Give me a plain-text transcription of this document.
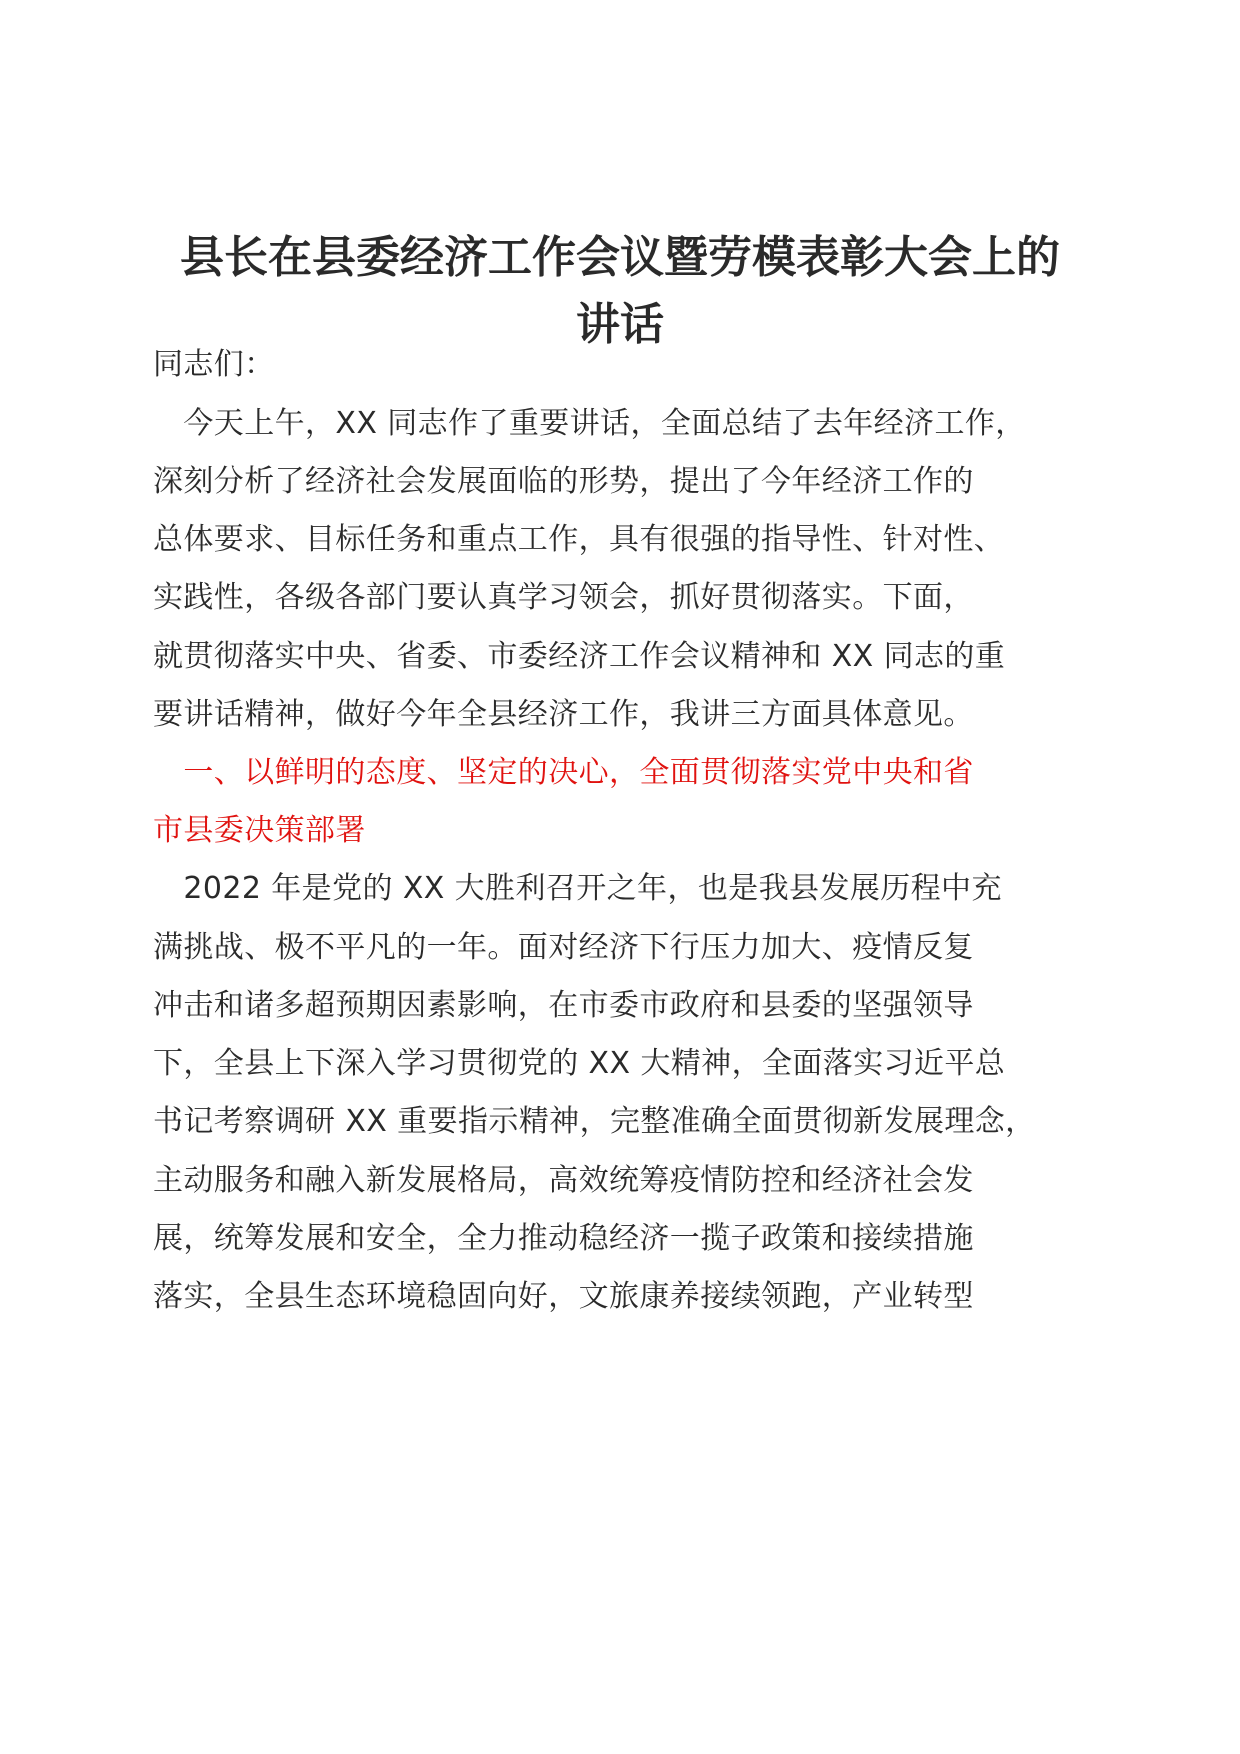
县长在县委经济工作会议暨劳模表彰大会上的
讲话
同志们：
　今天上午，XX 同志作了重要讲话，全面总结了去年经济工作，
深刻分析了经济社会发展面临的形势，提出了今年经济工作的
总体要求、目标任务和重点工作，具有很强的指导性、针对性、
实践性，各级各部门要认真学习领会，抓好贯彻落实。下面，
就贯彻落实中央、省委、市委经济工作会议精神和 XX 同志的重
要讲话精神，做好今年全县经济工作，我讲三方面具体意见。
　一、以鲜明的态度、坚定的决心，全面贯彻落实党中央和省
市县委决策部署
　2022 年是党的 XX 大胜利召开之年，也是我县发展历程中充
满挑战、极不平凡的一年。面对经济下行压力加大、疫情反复
冲击和诸多超预期因素影响，在市委市政府和县委的坚强领导
下，全县上下深入学习贯彻党的 XX 大精神，全面落实习近平总
书记考察调研 XX 重要指示精神，完整准确全面贯彻新发展理念，
主动服务和融入新发展格局，高效统筹疫情防控和经济社会发
展，统筹发展和安全，全力推动稳经济一揽子政策和接续措施
落实，全县生态环境稳固向好，文旅康养接续领跑，产业转型
